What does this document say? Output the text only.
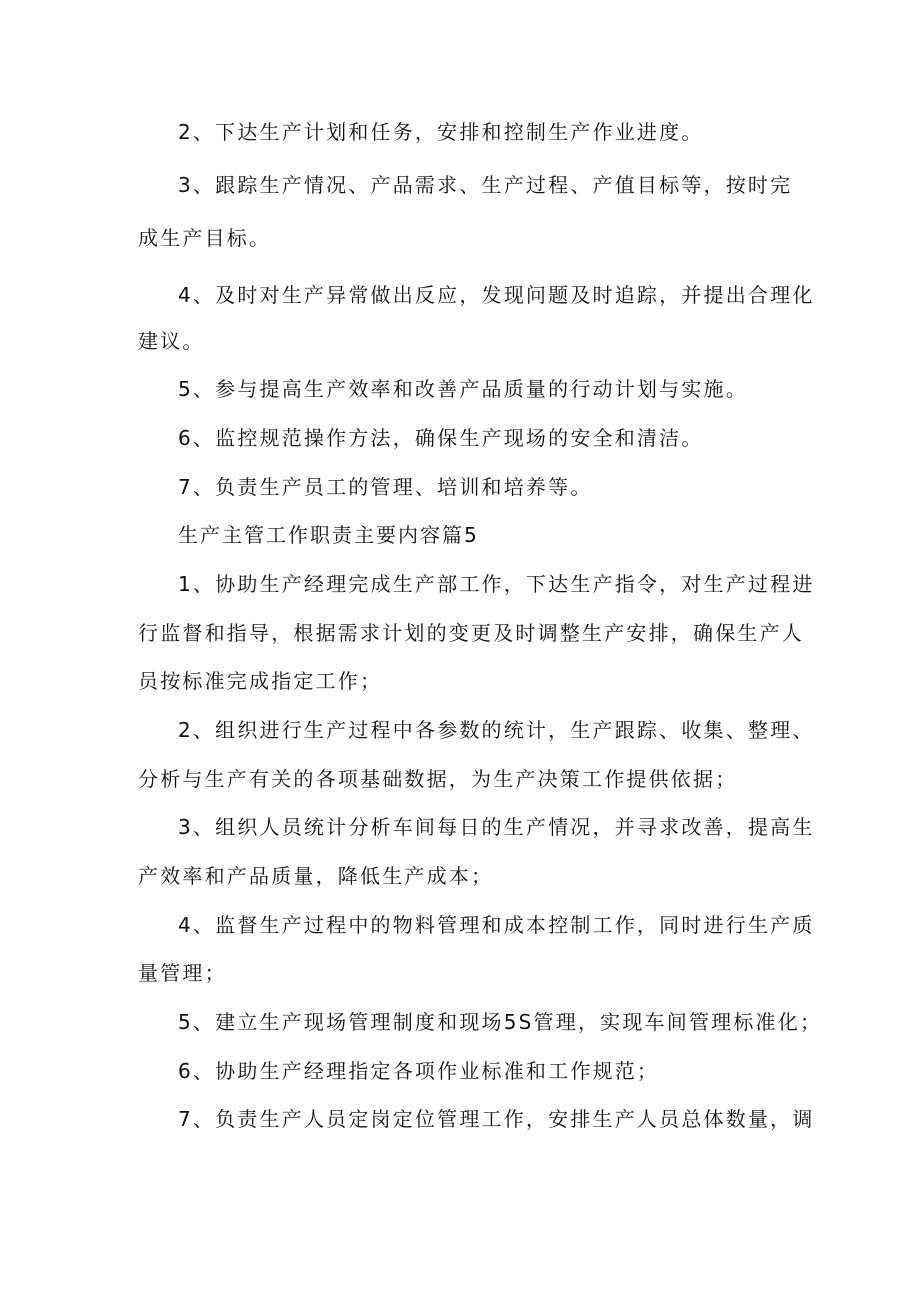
2、下达生产计划和任务，安排和控制生产作业进度。
3、跟踪生产情况、产品需求、生产过程、产值目标等，按时完
成生产目标。
4、及时对生产异常做出反应，发现问题及时追踪，并提出合理化
建议。
5、参与提高生产效率和改善产品质量的行动计划与实施。
6、监控规范操作方法，确保生产现场的安全和清洁。
7、负责生产员工的管理、培训和培养等。
生产主管工作职责主要内容篇5
1、协助生产经理完成生产部工作，下达生产指令，对生产过程进
行监督和指导，根据需求计划的变更及时调整生产安排，确保生产人
员按标准完成指定工作；
2、组织进行生产过程中各参数的统计，生产跟踪、收集、整理、
分析与生产有关的各项基础数据，为生产决策工作提供依据；
3、组织人员统计分析车间每日的生产情况，并寻求改善，提高生
产效率和产品质量，降低生产成本；
4、监督生产过程中的物料管理和成本控制工作，同时进行生产质
量管理；
5、建立生产现场管理制度和现场5S管理，实现车间管理标准化；
6、协助生产经理指定各项作业标准和工作规范；
7、负责生产人员定岗定位管理工作，安排生产人员总体数量，调
